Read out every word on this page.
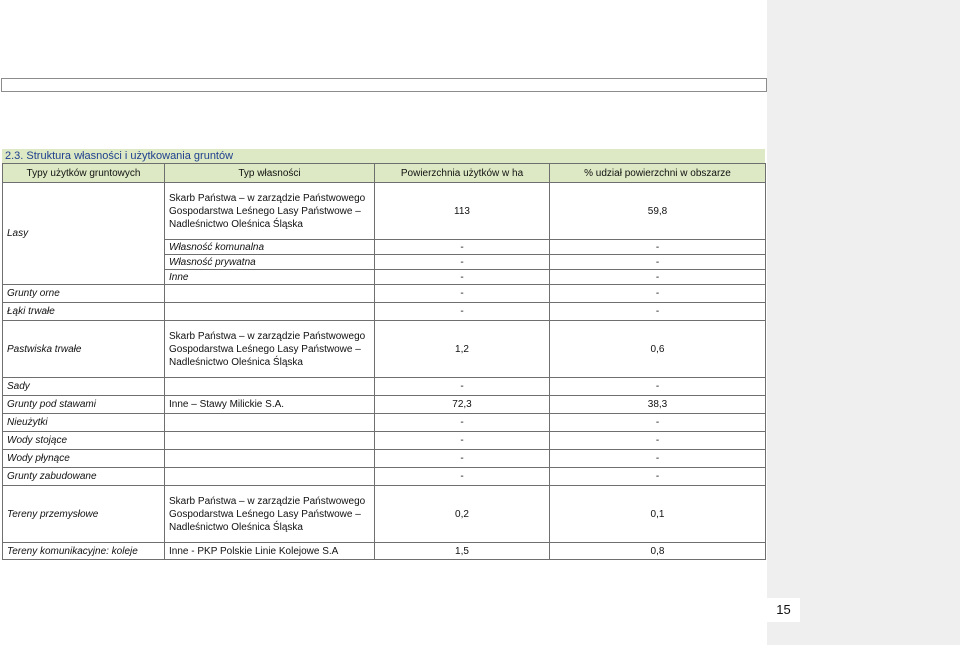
2.3. Struktura własności i użytkowania gruntów
Typy użytków gruntowych	Typ własności	Powierzchnia użytków w ha	% udział powierzchni w obszarze
Lasy	Skarb Państwa – w zarządzie Państwowego Gospodarstwa Leśnego Lasy Państwowe – Nadleśnictwo Oleśnica Śląska	113	59,8
	Własność komunalna	-	-
	Własność prywatna	-	-
	Inne	-	-
Grunty orne		-	-
Łąki trwałe		-	-
Pastwiska trwałe	Skarb Państwa – w zarządzie Państwowego Gospodarstwa Leśnego Lasy Państwowe – Nadleśnictwo Oleśnica Śląska	1,2	0,6
Sady		-	-
Grunty pod stawami	Inne – Stawy Milickie S.A.	72,3	38,3
Nieużytki		-	-
Wody stojące		-	-
Wody płynące		-	-
Grunty zabudowane		-	-
Tereny przemysłowe	Skarb Państwa – w zarządzie Państwowego Gospodarstwa Leśnego Lasy Państwowe – Nadleśnictwo Oleśnica Śląska	0,2	0,1
Tereny komunikacyjne: koleje	Inne - PKP Polskie Linie Kolejowe S.A	1,5	0,8
15
